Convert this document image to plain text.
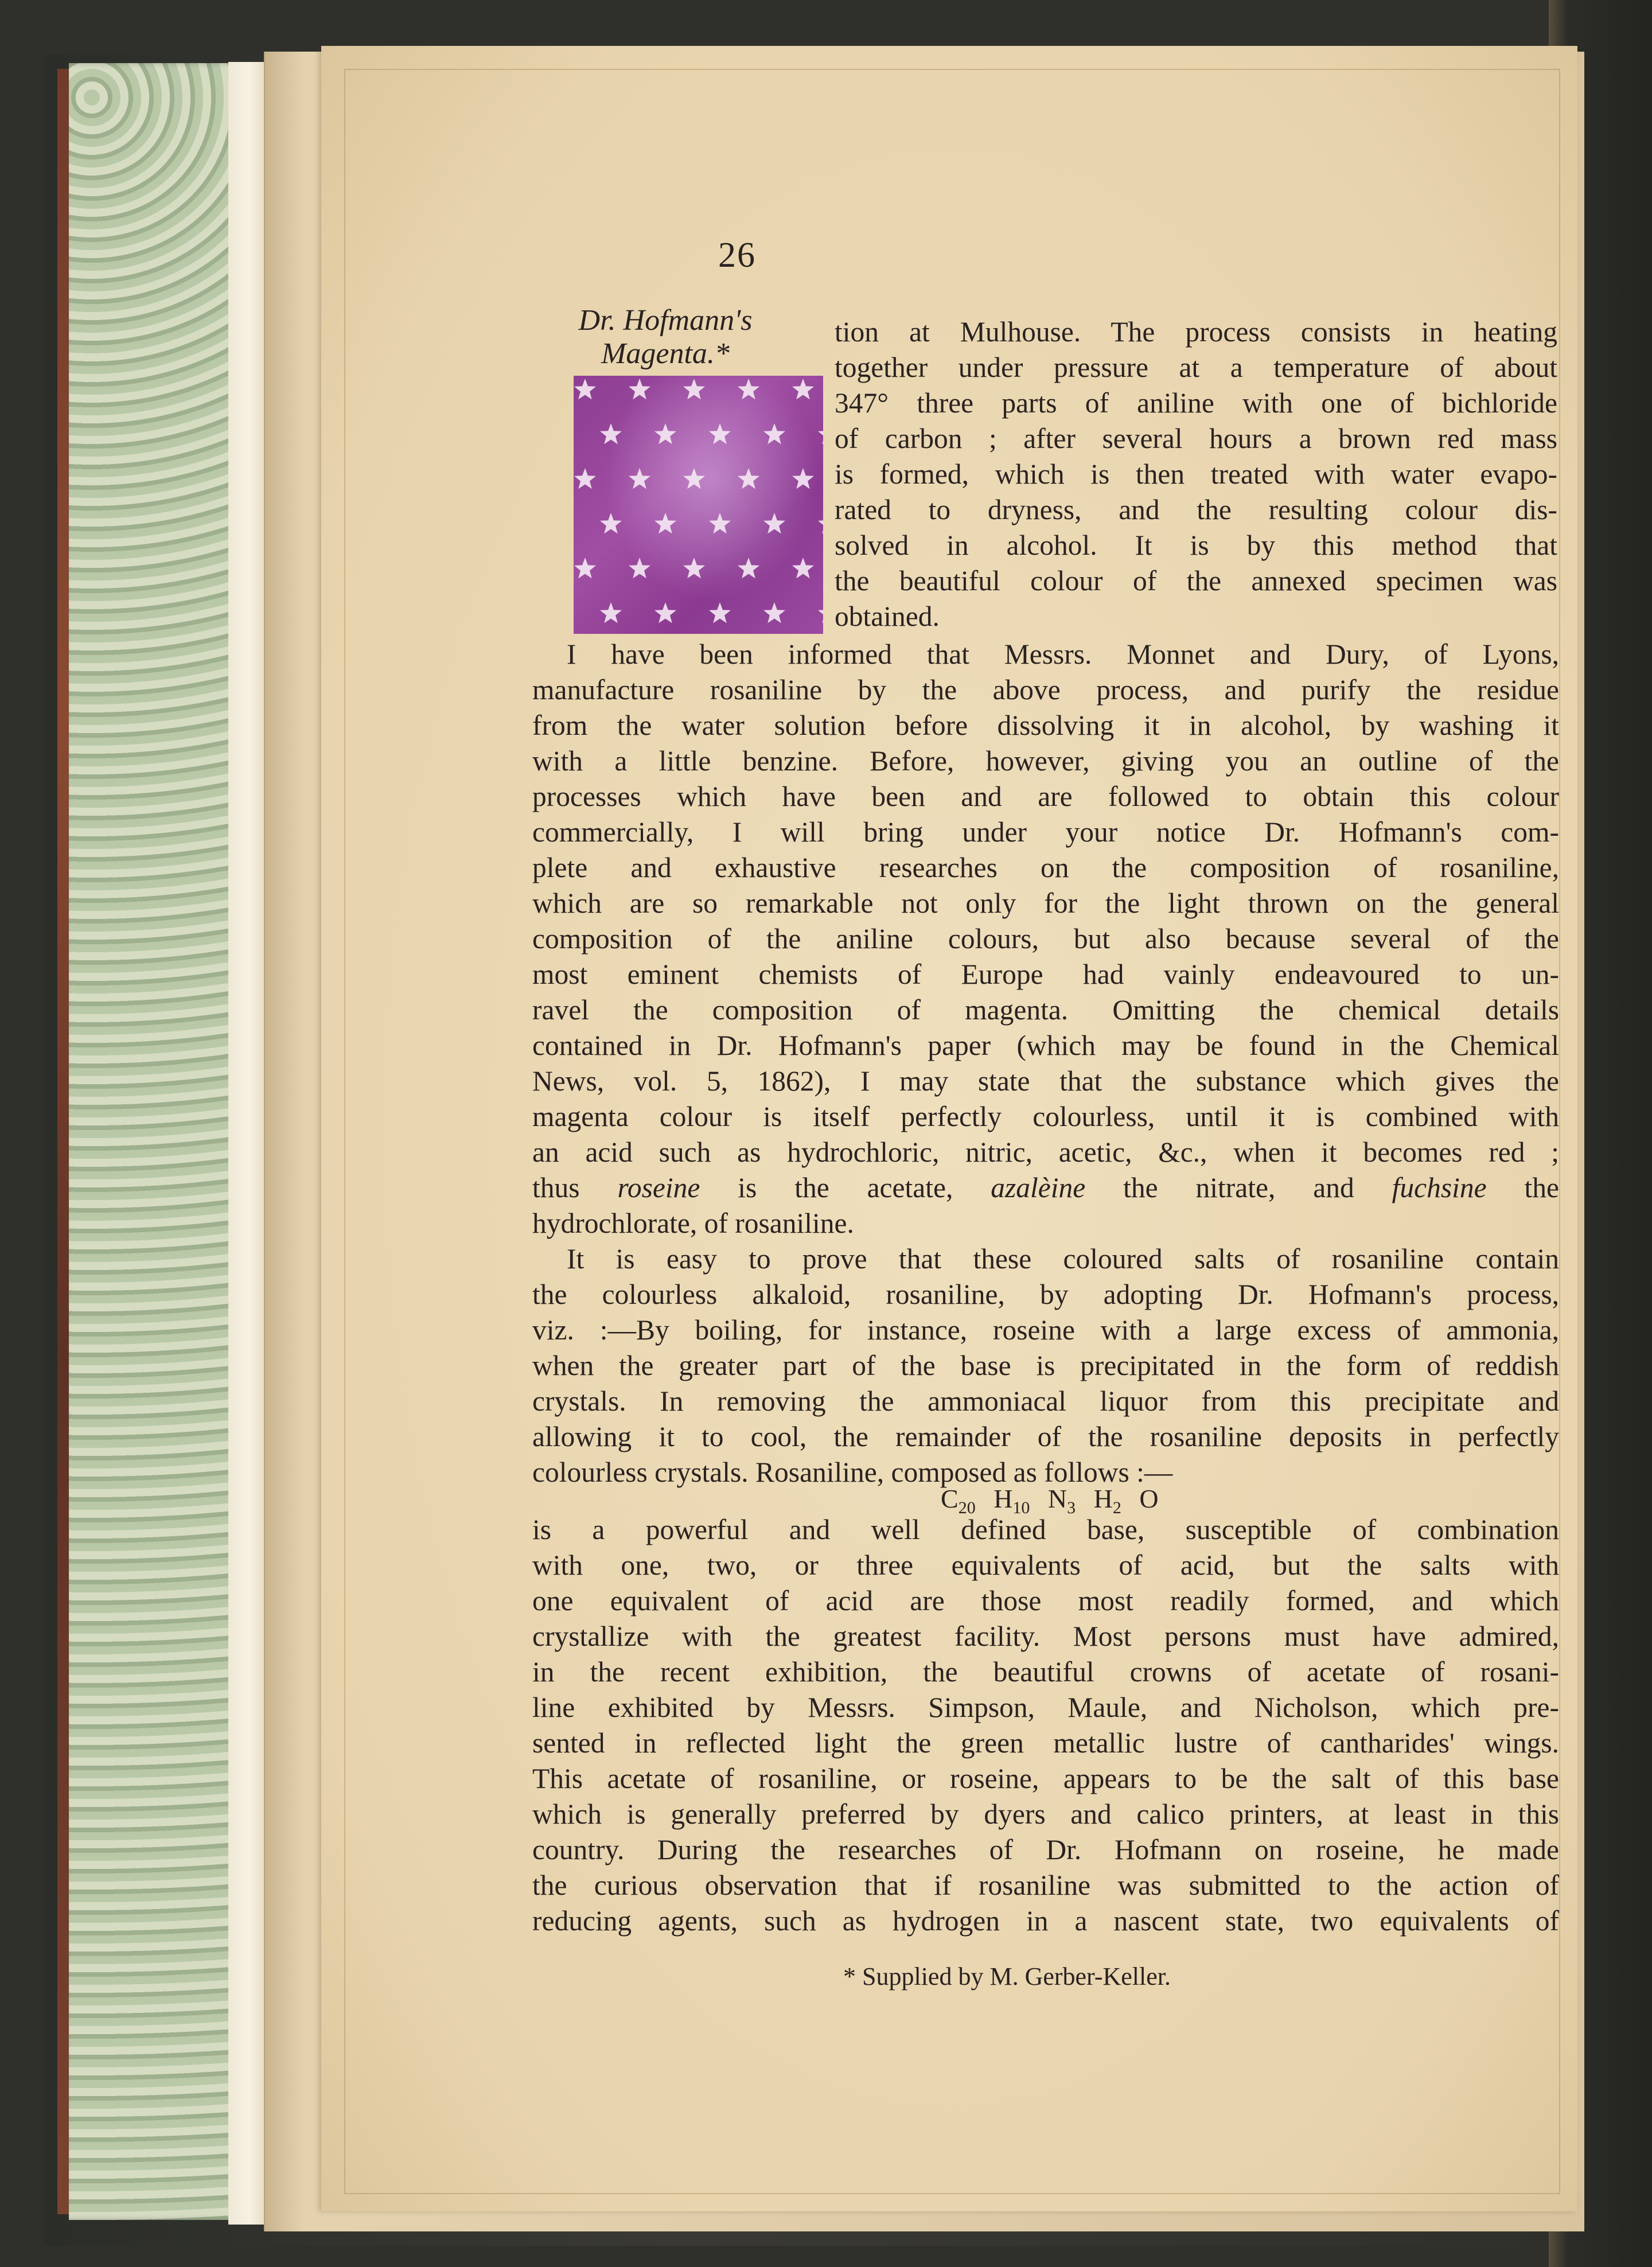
26
Dr. Hofmann's
Magenta.*
tion at Mulhouse. The process consists in heating
together under pressure at a temperature of about
347° three parts of aniline with one of bichloride
of carbon ; after several hours a brown red mass
is formed, which is then treated with water evapo-
rated to dryness, and the resulting colour dis-
solved in alcohol. It is by this method that
the beautiful colour of the annexed specimen was
obtained.
I have been informed that Messrs. Monnet and Dury, of Lyons,
manufacture rosaniline by the above process, and purify the residue
from the water solution before dissolving it in alcohol, by washing it
with a little benzine. Before, however, giving you an outline of the
processes which have been and are followed to obtain this colour
commercially, I will bring under your notice Dr. Hofmann's com-
plete and exhaustive researches on the composition of rosaniline,
which are so remarkable not only for the light thrown on the general
composition of the aniline colours, but also because several of the
most eminent chemists of Europe had vainly endeavoured to un-
ravel the composition of magenta. Omitting the chemical details
contained in Dr. Hofmann's paper (which may be found in the Chemical
News, vol. 5, 1862), I may state that the substance which gives the
magenta colour is itself perfectly colourless, until it is combined with
an acid such as hydrochloric, nitric, acetic, &c., when it becomes red ;
thus roseine is the acetate, azalèine the nitrate, and fuchsine the
hydrochlorate, of rosaniline.
It is easy to prove that these coloured salts of rosaniline contain
the colourless alkaloid, rosaniline, by adopting Dr. Hofmann's process,
viz. :—By boiling, for instance, roseine with a large excess of ammonia,
when the greater part of the base is precipitated in the form of reddish
crystals. In removing the ammoniacal liquor from this precipitate and
allowing it to cool, the remainder of the rosaniline deposits in perfectly
colourless crystals. Rosaniline, composed as follows :—
$C_{20}$ $H_{10}$ $N_3$ $H_2$ O
is a powerful and well defined base, susceptible of combination
with one, two, or three equivalents of acid, but the salts with
one equivalent of acid are those most readily formed, and which
crystallize with the greatest facility. Most persons must have admired,
in the recent exhibition, the beautiful crowns of acetate of rosani-
line exhibited by Messrs. Simpson, Maule, and Nicholson, which pre-
sented in reflected light the green metallic lustre of cantharides' wings.
This acetate of rosaniline, or roseine, appears to be the salt of this base
which is generally preferred by dyers and calico printers, at least in this
country. During the researches of Dr. Hofmann on roseine, he made
the curious observation that if rosaniline was submitted to the action of
reducing agents, such as hydrogen in a nascent state, two equivalents of
* Supplied by M. Gerber-Keller.
